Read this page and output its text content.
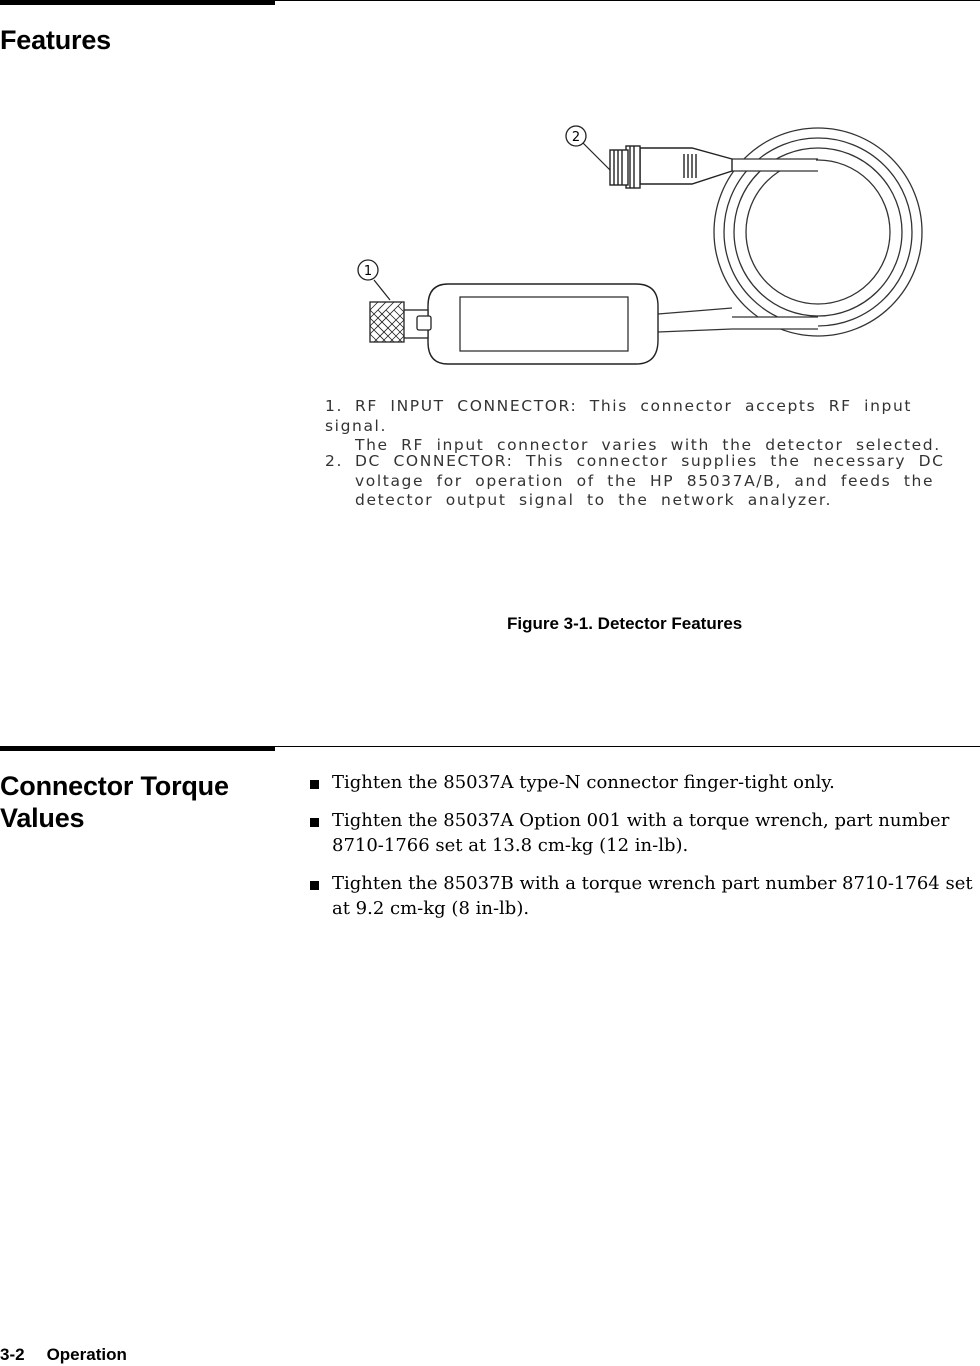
Features
2
1
1. RF INPUT CONNECTOR: This connector accepts RF input signal.
The RF input connector varies with the detector selected.
2. DC CONNECTOR: This connector supplies the necessary DC
voltage for operation of the HP 85037A/B, and feeds the
detector output signal to the network analyzer.

Figure 3-1. Detector Features

Connector Torque
Values
Tighten the 85037A type-N connector finger-tight only.
Tighten the 85037A Option 001 with a torque wrench, part number 8710-1766 set at 13.8 cm-kg (12 in-lb).
Tighten the 85037B with a torque wrench part number 8710-1764 set at 9.2 cm-kg (8 in-lb).
3-2 Operation
